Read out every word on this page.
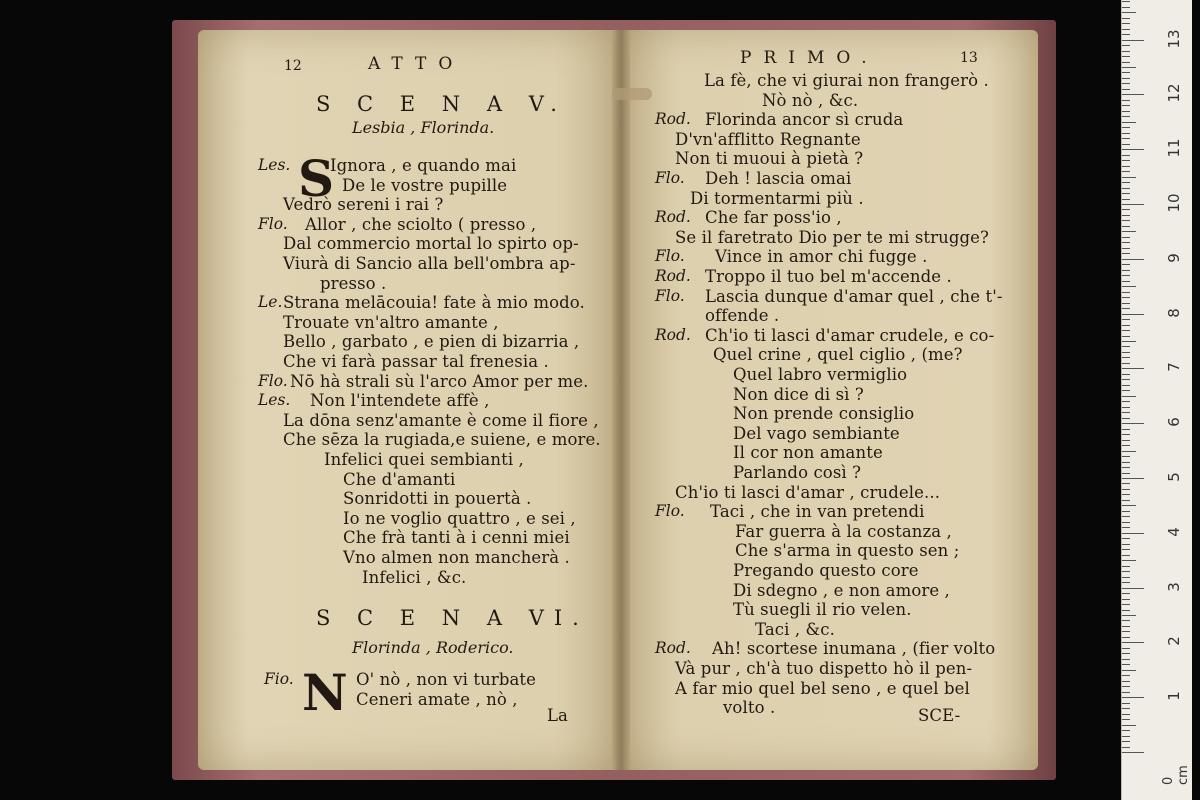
12	ATTO
S C E N A V.
Lesbia , Florinda.
S
Les. Ignora , e quando mai
De le vostre pupille
Vedrò sereni i rai ?
Flo. Allor , che sciolto ( presso ,
Dal commercio mortal lo spirto op-
Viurà di Sancio alla bell'ombra ap-
presso .
Le. Strana melācouia! fate à mio modo.
Trouate vn'altro amante ,
Bello , garbato , e pien di bizarria ,
Che vi farà passar tal frenesia .
Flo. Nō hà strali sù l'arco Amor per me.
Les. Non l'intendete affè ,
La dōna senz'amante è come il fiore ,
Che sēza la rugiada,e suiene, e more.
Infelici quei sembianti ,
Che d'amanti
Sonridotti in pouertà .
Io ne voglio quattro , e sei ,
Che frà tanti à i cenni miei
Vno almen non mancherà .
Infelici , &c.
S C E N A VI.
Florinda , Roderico.
N
Fio.	O' nò , non vi turbate
Ceneri amate , nò ,
La
PRIMO.	13
La fè, che vi giurai non frangerò .
Nò nò , &c.
Rod. Florinda ancor sì cruda
D'vn'afflitto Regnante
Non ti muoui à pietà ?
Flo. Deh ! lascia omai
Di tormentarmi più .
Rod. Che far poss'io ,
Se il faretrato Dio per te mi strugge?
Flo. Vince in amor chi fugge .
Rod. Troppo il tuo bel m'accende .
Flo. Lascia dunque d'amar quel , che t'-
offende .
Rod. Ch'io ti lasci d'amar crudele, e co-
Quel crine , quel ciglio , (me?
Quel labro vermiglio
Non dice di sì ?
Non prende consiglio
Del vago sembiante
Il cor non amante
Parlando così ?
Ch'io ti lasci d'amar , crudele...
Flo. Taci , che in van pretendi
Far guerra à la costanza ,
Che s'arma in questo sen ;
Pregando questo core
Di sdegno , e non amore ,
Tù suegli il rio velen.
Taci , &c.
Rod. Ah! scortese inumana , (fier volto
Và pur , ch'à tuo dispetto hò il pen-
A far mio quel bel seno , e quel bel
volto .	SCE-
0 cm
13
12
11
10
9
8
7
6
5
4
3
2
1
